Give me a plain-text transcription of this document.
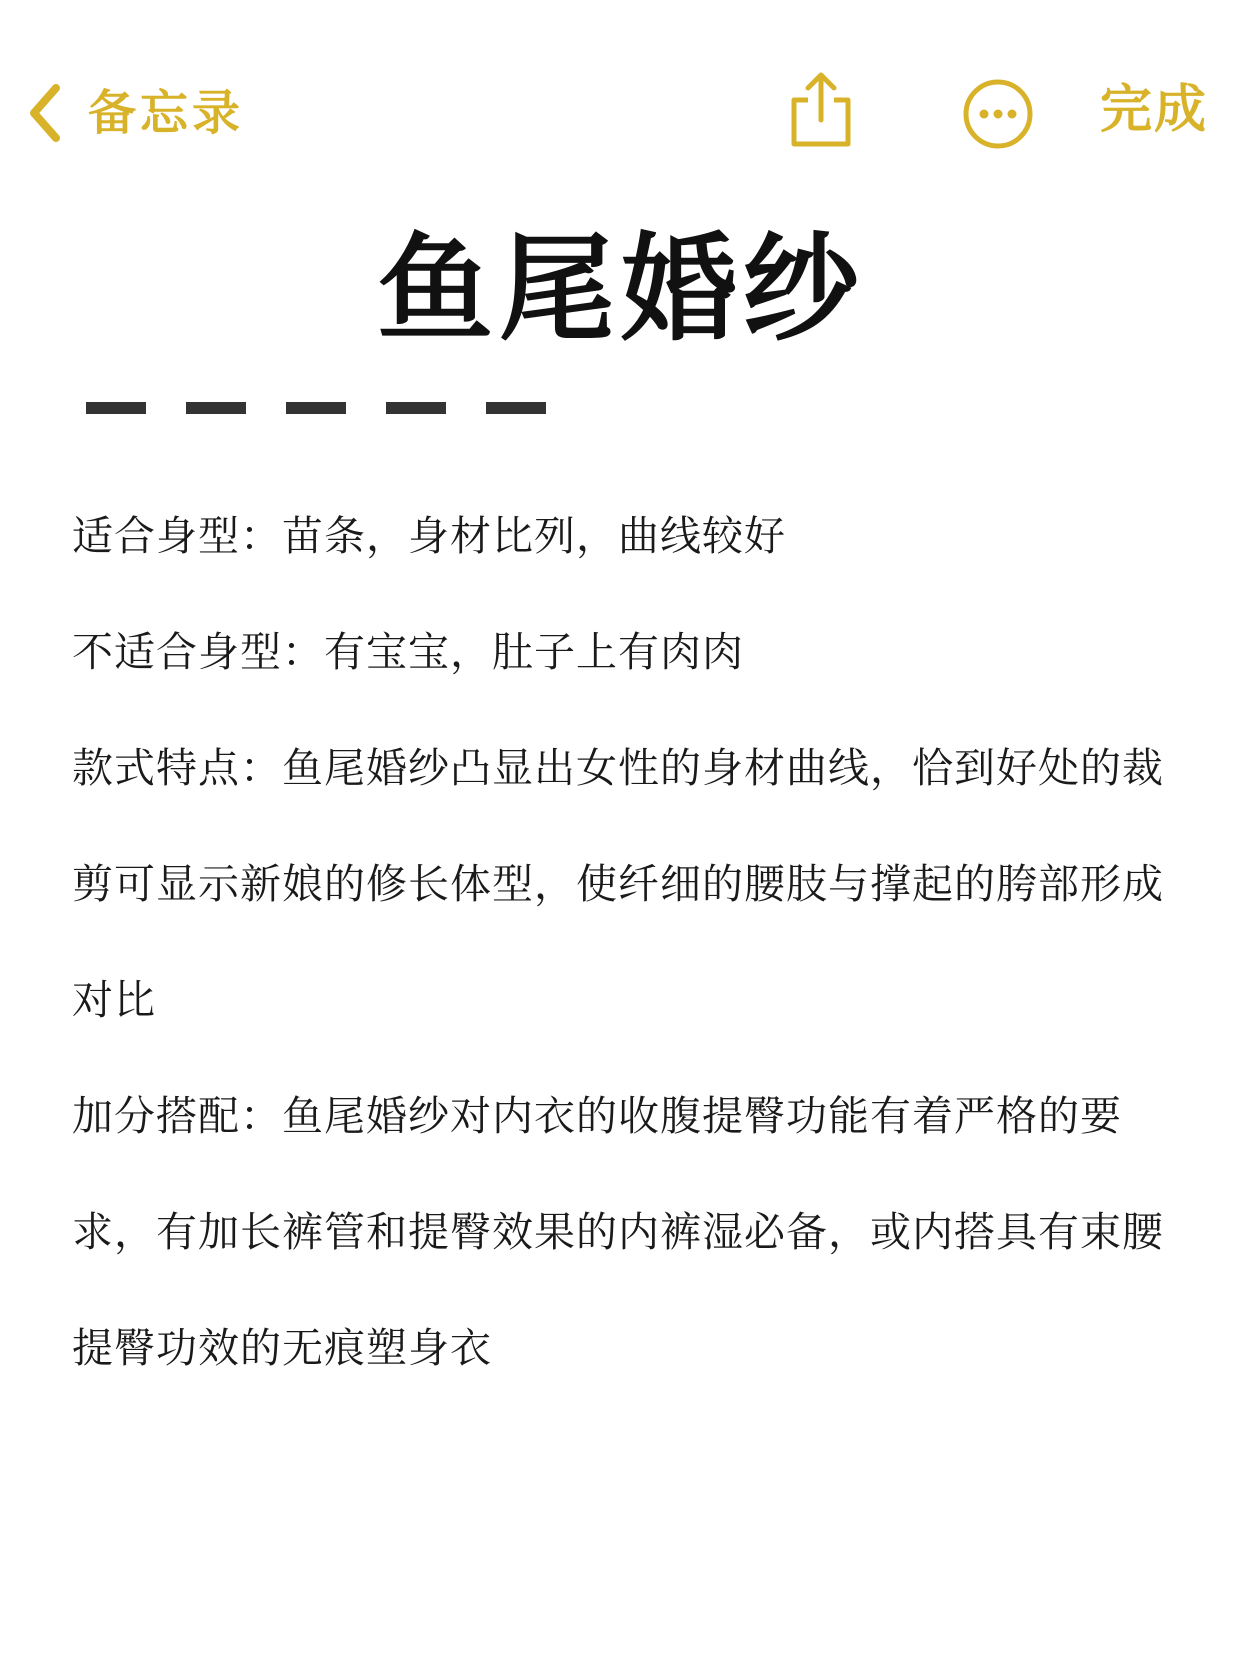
备忘录	完成
鱼尾婚纱

适合身型：苗条，身材比列，曲线较好

不适合身型：有宝宝，肚子上有肉肉

款式特点：鱼尾婚纱凸显出女性的身材曲线，恰到好处的裁剪可显示新娘的修长体型，使纤细的腰肢与撑起的胯部形成对比

加分搭配：鱼尾婚纱对内衣的收腹提臀功能有着严格的要求，有加长裤管和提臀效果的内裤湿必备，或内搭具有束腰提臀功效的无痕塑身衣
